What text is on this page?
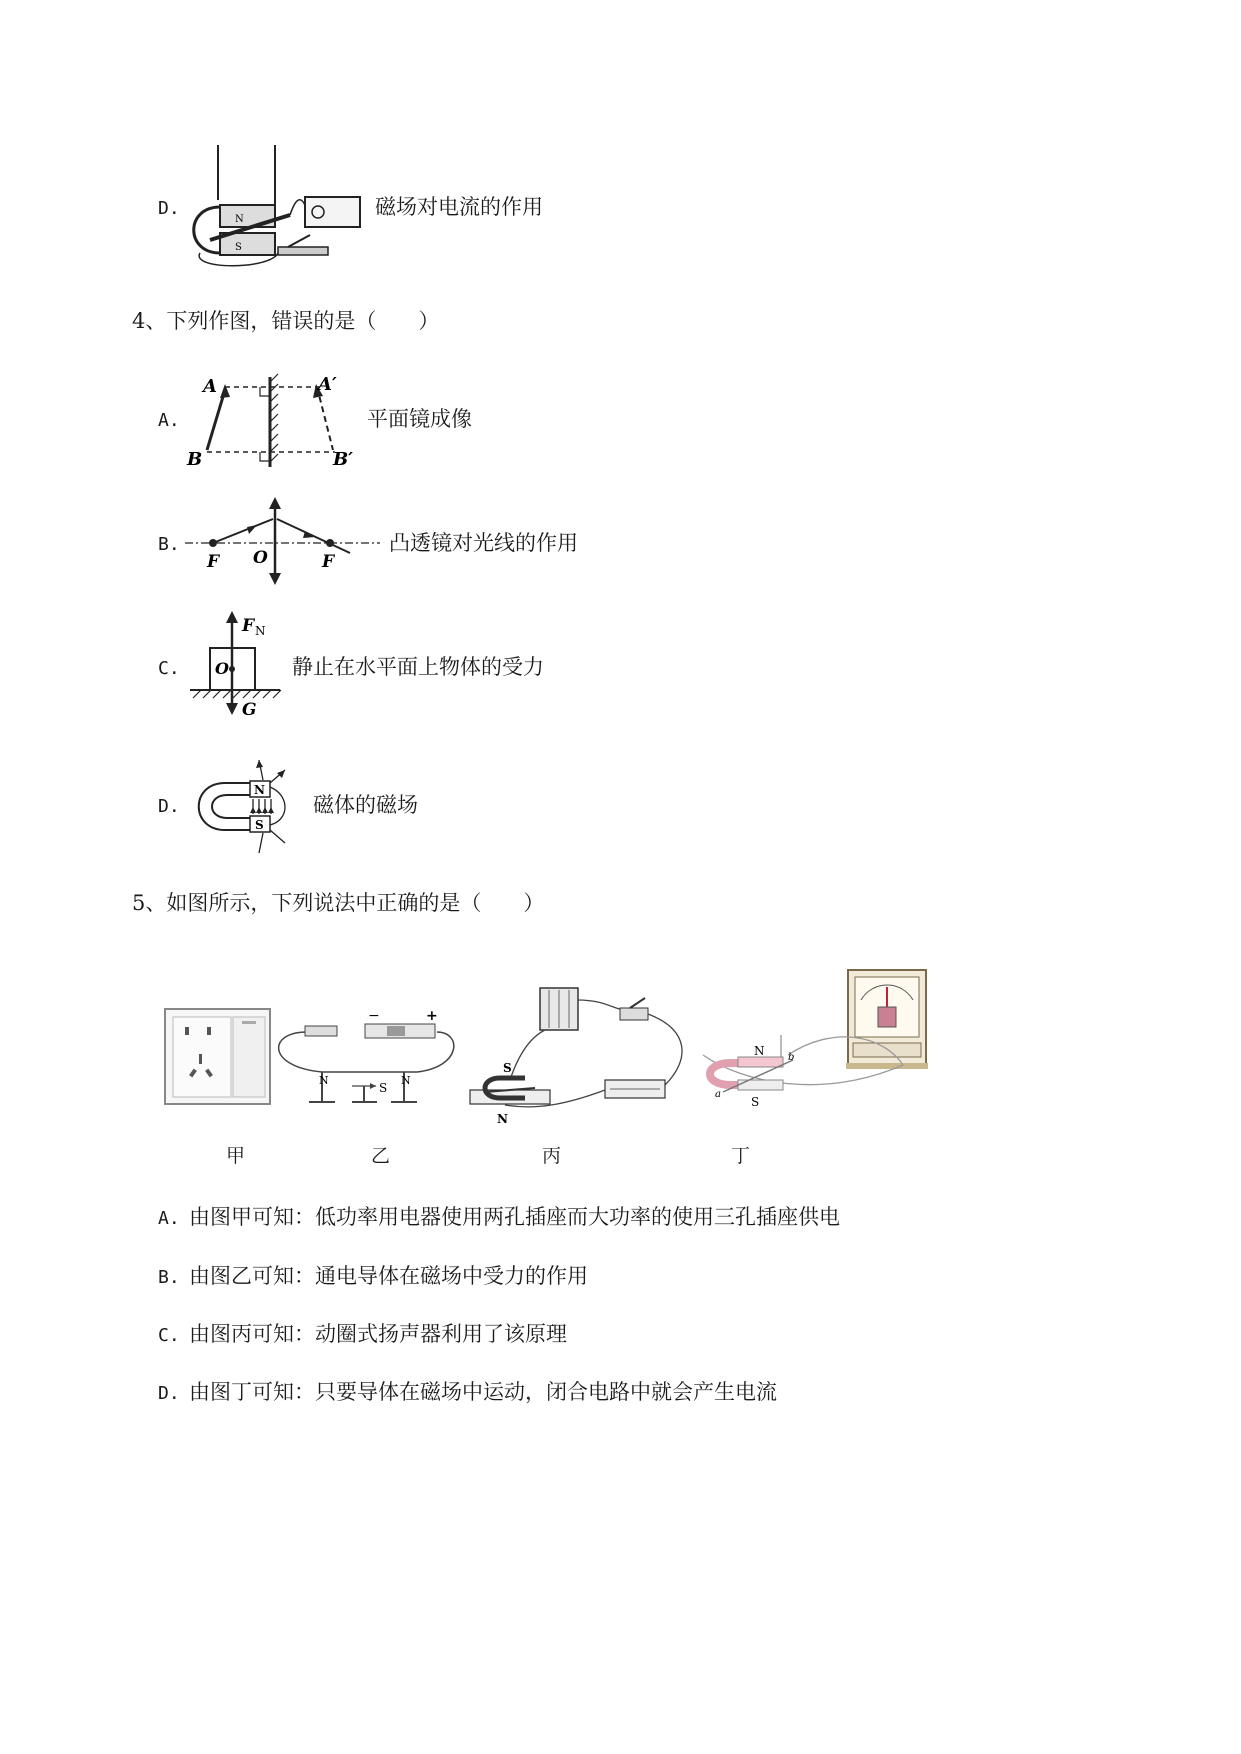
N
S
D.	磁场对电流的作用
4、下列作图，错误的是（　　）
A.
A	A′
B	B′
平面镜成像
B.
F O	F
凸透镜对光线的作用
C.
F N
O
G
静止在水平面上物体的受力
D.
N
S
磁体的磁场
5、如图所示，下列说法中正确的是（　　）
甲
−	+
N	N
S
乙
S
N
丙
N
S
b
a
丁
A. 由图甲可知：低功率用电器使用两孔插座而大功率的使用三孔插座供电
B. 由图乙可知：通电导体在磁场中受力的作用
C. 由图丙可知：动圈式扬声器利用了该原理
D. 由图丁可知：只要导体在磁场中运动，闭合电路中就会产生电流
